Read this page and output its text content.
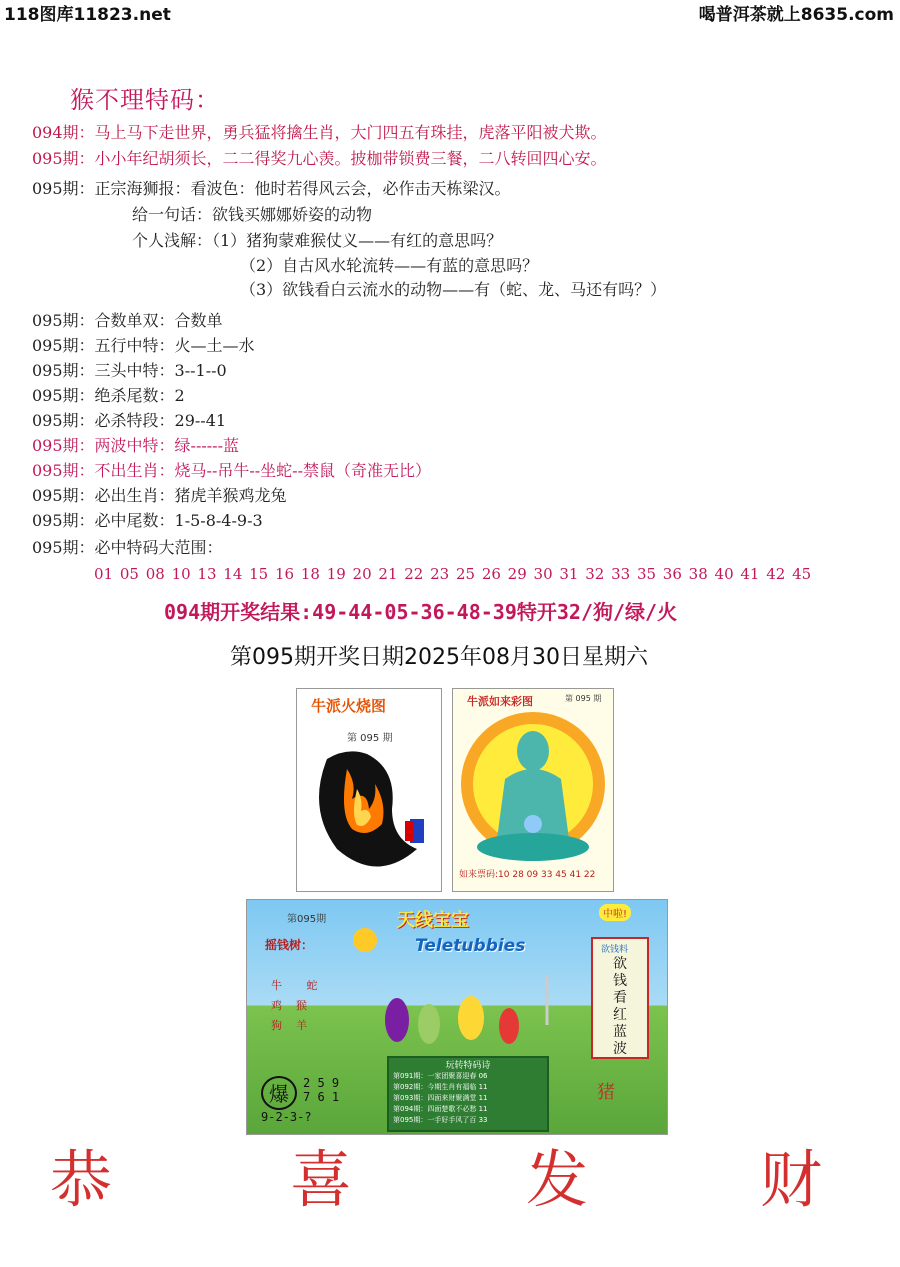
118图库11823.net	喝普洱茶就上8635.com
猴不理特码：
094期：马上马下走世界，勇兵猛将擒生肖，大门四五有珠挂，虎落平阳被犬欺。
095期：小小年纪胡须长，二二得奖九心羡。披枷带锁费三餐，二八转回四心安。
095期：正宗海狮报：看波色：他时若得风云会，必作击天栋梁汉。
给一句话：欲钱买娜娜娇姿的动物
个人浅解：（1）猪狗蒙难猴仗义——有红的意思吗？
（2）自古风水轮流转——有蓝的意思吗？
（3）欲钱看白云流水的动物——有（蛇、龙、马还有吗？）
095期：合数单双：合数单
095期：五行中特：火—土—水
095期：三头中特：3--1--0
095期：绝杀尾数：2
095期：必杀特段：29--41
095期：两波中特：绿------蓝
095期：不出生肖：烧马--吊牛--坐蛇--禁鼠（奇准无比）
095期：必出生肖：猪虎羊猴鸡龙兔
095期：必中尾数：1-5-8-4-9-3
095期：必中特码大范围：
01 05 08 10 13 14 15 16 18 19 20 21 22 23 25 26 29 30 31 32 33 35 36 38 40 41 42 45
094期开奖结果:49-44-05-36-48-39特开32/狗/绿/火
第095期开奖日期2025年08月30日星期六
牛派火烧图
第 095 期
牛派如来彩图	第 095 期
如来票码:10 28 09 33 45 41 22
第095期	天线宝宝
Teletubbies
摇钱树：
牛 蛇
鸡 猴
狗 羊
中啦!
欲钱料
欲
钱
看
红
蓝
波
玩转特码诗
第091期：一家团聚喜迎春 06
第092期：今期生肖有福临 11
第093期：四面来财聚满堂 11
第094期：四面楚歌不必愁 11
第095期：一手好手风了百 33
爆	2 5 9
7 6 1
9-2-3-?
猪
恭	喜	发	财
